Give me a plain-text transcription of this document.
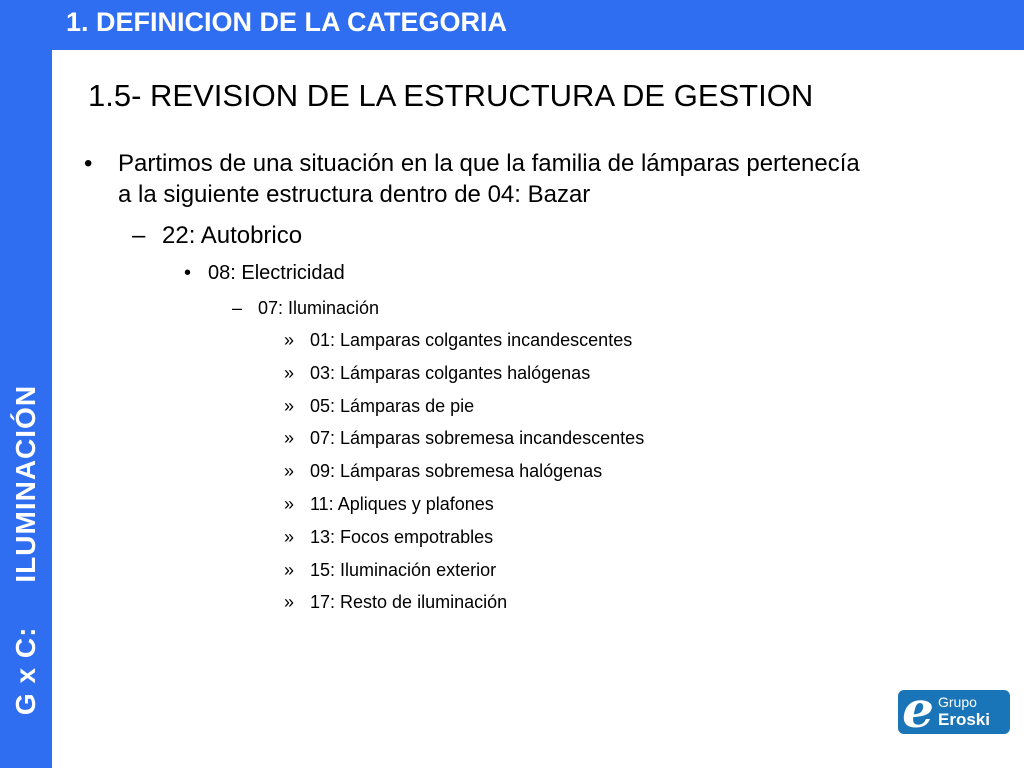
G x C:ILUMINACIÓN
1. DEFINICION DE LA CATEGORIA
1.5- REVISION DE LA ESTRUCTURA DE GESTION
• Partimos de una situación en la que la familia de lámparas pertenecía a la siguiente estructura dentro de 04: Bazar
– 22: Autobrico
• 08: Electricidad
– 07: Iluminación
» 01: Lamparas colgantes incandescentes
» 03: Lámparas colgantes halógenas
» 05: Lámparas de pie
» 07: Lámparas sobremesa incandescentes
» 09: Lámparas sobremesa halógenas
» 11: Apliques y plafones
» 13: Focos empotrables
» 15: Iluminación exterior
» 17: Resto de iluminación
e Grupo
Eroski
